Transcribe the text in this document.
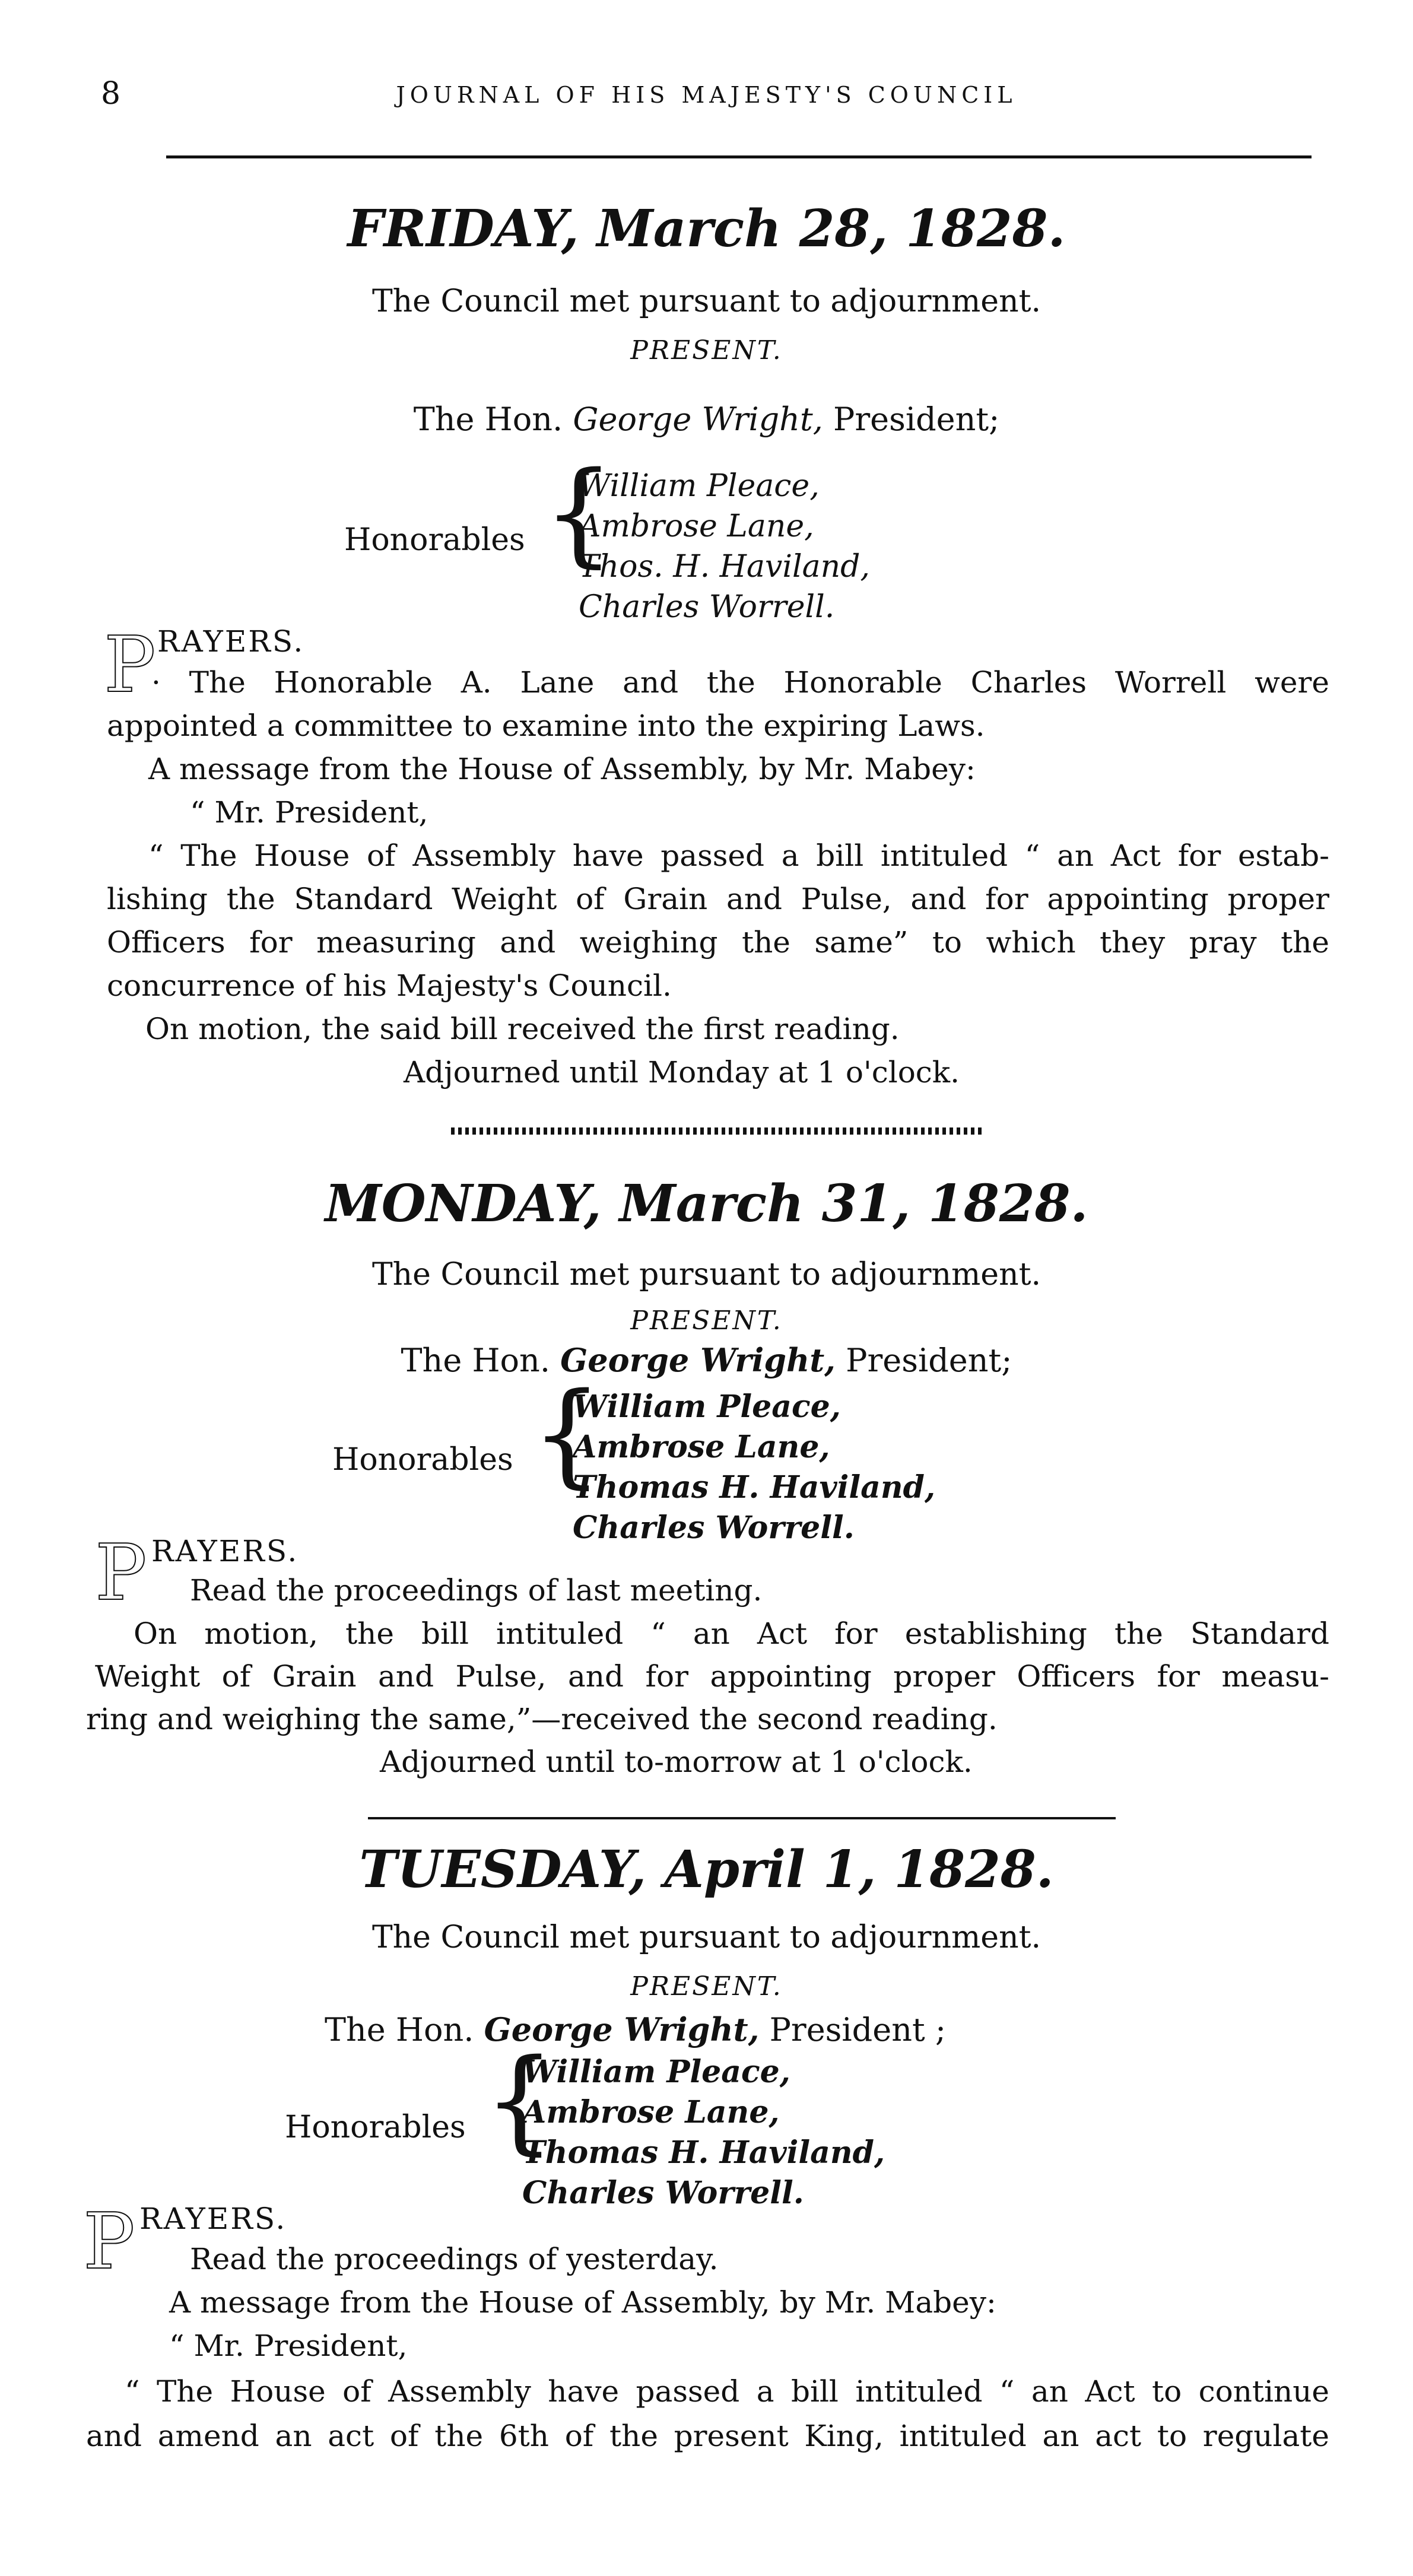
8	JOURNAL OF HIS MAJESTY'S COUNCIL
FRIDAY, March 28, 1828.
The Council met pursuant to adjournment.
PRESENT.
The Hon. George Wright, President;
Honorables {
William Pleace,
Ambrose Lane,
Thos. H. Haviland,
Charles Worrell.
P RAYERS.
· The Honorable A. Lane and the Honorable Charles Worrell were
appointed a committee to examine into the expiring Laws.
A message from the House of Assembly, by Mr. Mabey:
“ Mr. President,
“ The House of Assembly have passed a bill intituled “ an Act for estab-
lishing the Standard Weight of Grain and Pulse, and for appointing proper
Officers for measuring and weighing the same” to which they pray the
concurrence of his Majesty's Council.
On motion, the said bill received the first reading.
Adjourned until Monday at 1 o'clock.
MONDAY, March 31, 1828.
The Council met pursuant to adjournment.
PRESENT.
The Hon. George Wright, President;
Honorables {
William Pleace,
Ambrose Lane,
Thomas H. Haviland,
Charles Worrell.
P RAYERS.
Read the proceedings of last meeting.
On motion, the bill intituled “ an Act for establishing the Standard
Weight of Grain and Pulse, and for appointing proper Officers for measu-
ring and weighing the same,”—received the second reading.
Adjourned until to-morrow at 1 o'clock.
TUESDAY, April 1, 1828.
The Council met pursuant to adjournment.
PRESENT.
The Hon. George Wright, President ;
Honorables {
William Pleace,
Ambrose Lane,
Thomas H. Haviland,
Charles Worrell.
P RAYERS.
Read the proceedings of yesterday.
A message from the House of Assembly, by Mr. Mabey:
“ Mr. President,
“ The House of Assembly have passed a bill intituled “ an Act to continue
and amend an act of the 6th of the present King, intituled an act to regulate
